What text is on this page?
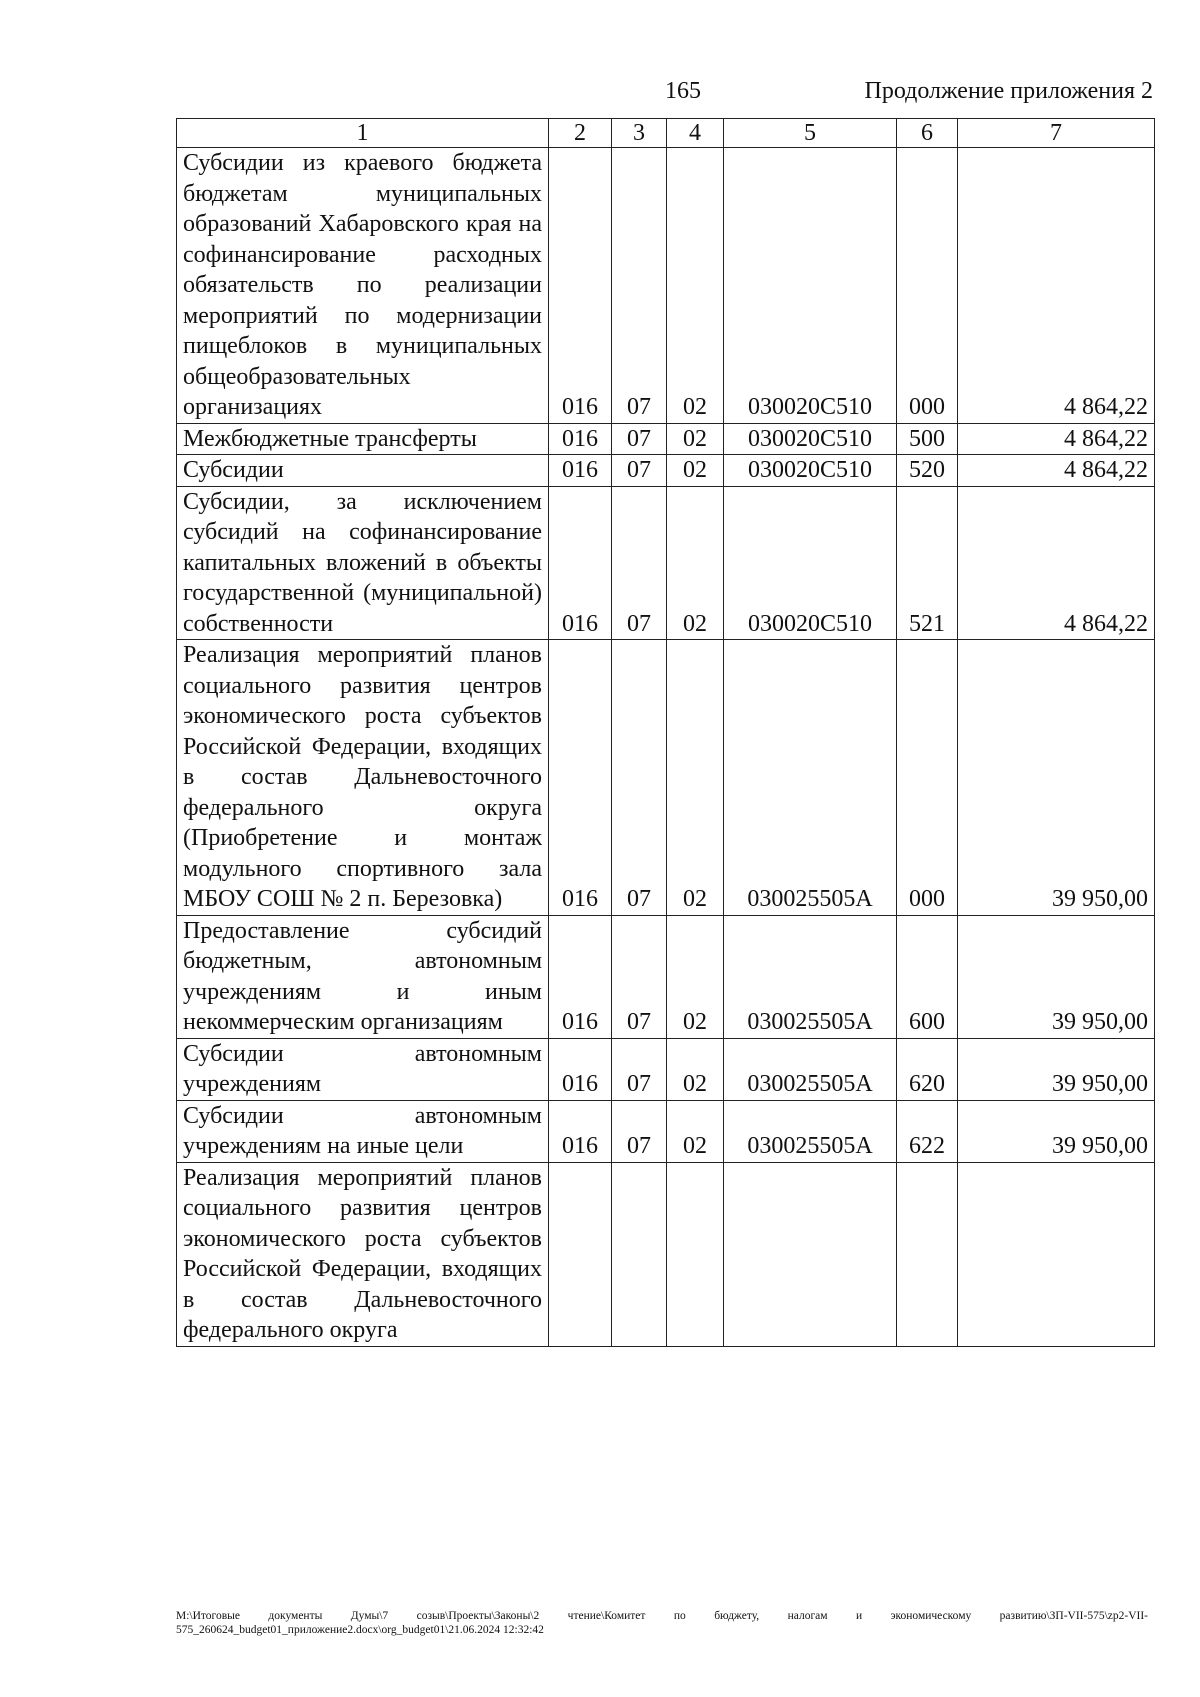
165	Продолжение приложения 2
1	2	3	4	5	6	7
Субсидии из краевого бюджета бюджетам муниципальных образований Хабаровского края на софинансирование расходных обязательств по реализации мероприятий по модернизации пищеблоков в муниципальных общеобразовательных организациях	016	07	02	030020С510	000	4 864,22
Межбюджетные трансферты	016	07	02	030020С510	500	4 864,22
Субсидии	016	07	02	030020С510	520	4 864,22
Субсидии, за исключением субсидий на софинансирование капитальных вложений в объекты государственной (муниципальной) собственности	016	07	02	030020С510	521	4 864,22
Реализация мероприятий планов социального развития центров экономического роста субъектов Российской Федерации, входящих в состав Дальневосточного федерального округа (Приобретение и монтаж модульного спортивного зала МБОУ СОШ № 2 п. Березовка)	016	07	02	030025505А	000	39 950,00
Предоставление субсидий бюджетным, автономным учреждениям и иным некоммерческим организациям	016	07	02	030025505А	600	39 950,00
Субсидии автономным учреждениям	016	07	02	030025505А	620	39 950,00
Субсидии автономным учреждениям на иные цели	016	07	02	030025505А	622	39 950,00
Реализация мероприятий планов социального развития центров экономического роста субъектов Российской Федерации, входящих в состав Дальневосточного федерального округа						
М:\Итоговые документы Думы\7 созыв\Проекты\Законы\2 чтение\Комитет по бюджету, налогам и экономическому развитию\ЗП-VII-575\zp2-VII-575_260624_budget01_приложение2.docx\org_budget01\21.06.2024 12:32:42
